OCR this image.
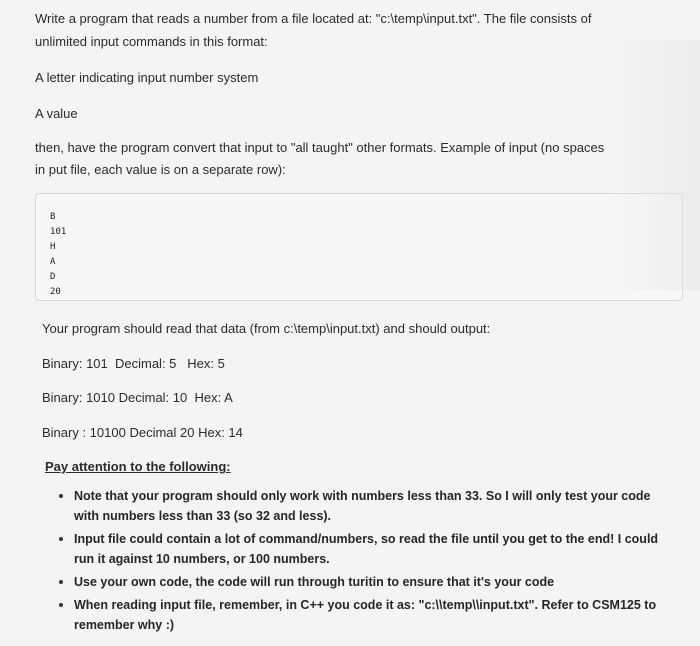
Write a program that reads a number from a file located at: "c:\temp\input.txt". The file consists of

unlimited input commands in this format:

A letter indicating input number system

A value

then, have the program convert that input to "all taught" other formats. Example of input (no spaces

in put file, each value is on a separate row):

B
101
H
A
D
20

Your program should read that data (from c:\temp\input.txt) and should output:

Binary: 101  Decimal: 5   Hex: 5

Binary: 1010 Decimal: 10  Hex: A

Binary : 10100 Decimal 20 Hex: 14

Pay attention to the following:

Note that your program should only work with numbers less than 33. So I will only test your code with numbers less than 33 (so 32 and less).
Input file could contain a lot of command/numbers, so read the file until you get to the end! I could run it against 10 numbers, or 100 numbers.
Use your own code, the code will run through turitin to ensure that it's your code
When reading input file, remember, in C++ you code it as: "c:\\temp\\input.txt". Refer to CSM125 to remember why :)
